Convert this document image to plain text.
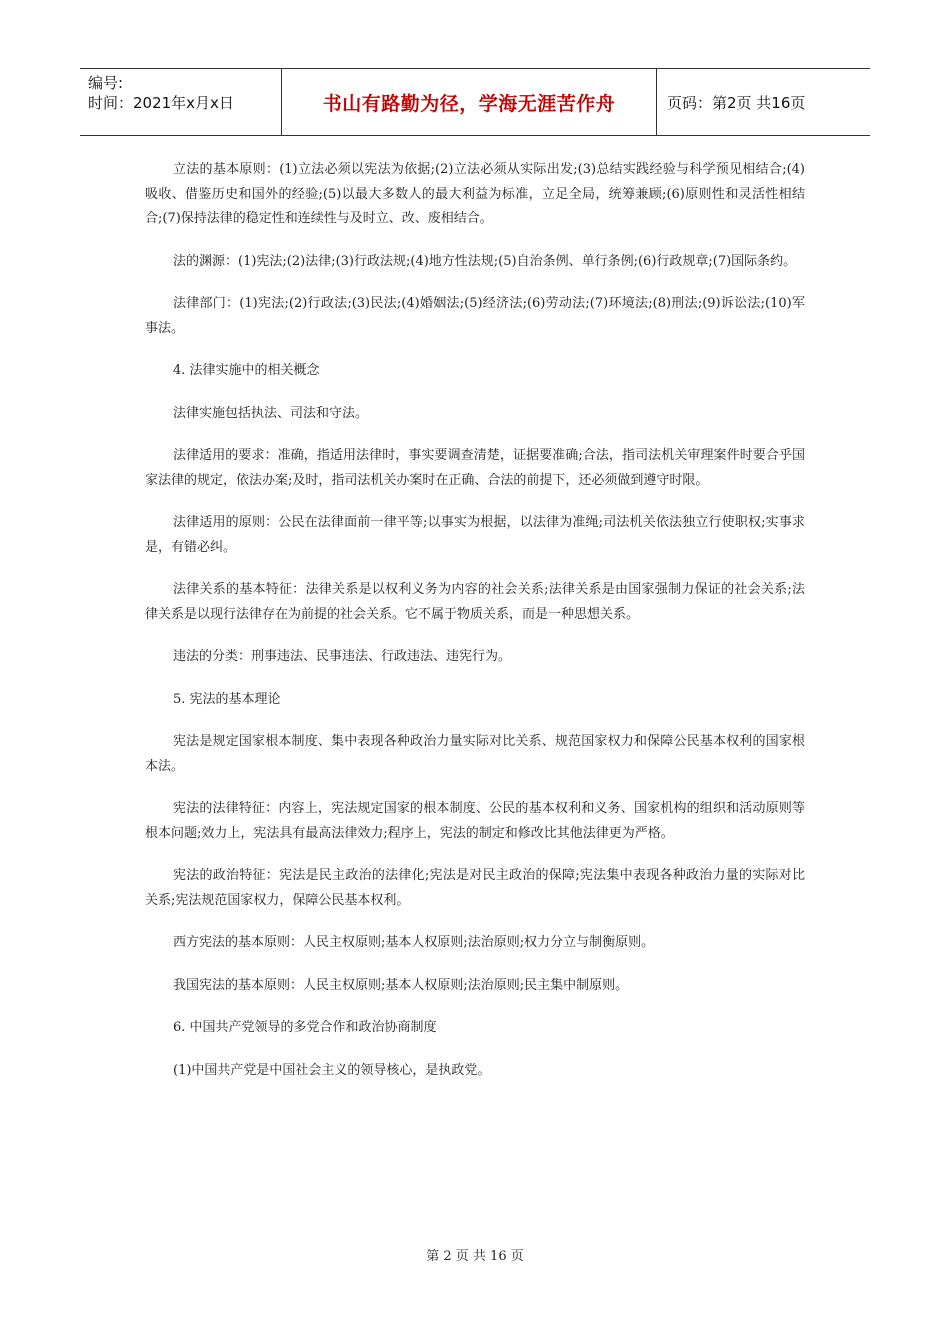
编号:
时间：2021年x月x日	书山有路勤为径，学海无涯苦作舟	页码：第2页 共16页

立法的基本原则：(1)立法必须以宪法为依据;(2)立法必须从实际出发;(3)总结实践经验与科学预见相结合;(4)吸收、借鉴历史和国外的经验;(5)以最大多数人的最大利益为标准，立足全局，统筹兼顾;(6)原则性和灵活性相结合;(7)保持法律的稳定性和连续性与及时立、改、废相结合。

法的渊源：(1)宪法;(2)法律;(3)行政法规;(4)地方性法规;(5)自治条例、单行条例;(6)行政规章;(7)国际条约。

法律部门：(1)宪法;(2)行政法;(3)民法;(4)婚姻法;(5)经济法;(6)劳动法;(7)环境法;(8)刑法;(9)诉讼法;(10)军事法。

4. 法律实施中的相关概念

法律实施包括执法、司法和守法。

法律适用的要求：准确，指适用法律时，事实要调查清楚，证据要准确;合法，指司法机关审理案件时要合乎国家法律的规定，依法办案;及时，指司法机关办案时在正确、合法的前提下，还必须做到遵守时限。

法律适用的原则：公民在法律面前一律平等;以事实为根据，以法律为准绳;司法机关依法独立行使职权;实事求是，有错必纠。

法律关系的基本特征：法律关系是以权利义务为内容的社会关系;法律关系是由国家强制力保证的社会关系;法律关系是以现行法律存在为前提的社会关系。它不属于物质关系，而是一种思想关系。

违法的分类：刑事违法、民事违法、行政违法、违宪行为。

5. 宪法的基本理论

宪法是规定国家根本制度、集中表现各种政治力量实际对比关系、规范国家权力和保障公民基本权利的国家根本法。

宪法的法律特征：内容上，宪法规定国家的根本制度、公民的基本权利和义务、国家机构的组织和活动原则等根本问题;效力上，宪法具有最高法律效力;程序上，宪法的制定和修改比其他法律更为严格。

宪法的政治特征：宪法是民主政治的法律化;宪法是对民主政治的保障;宪法集中表现各种政治力量的实际对比关系;宪法规范国家权力，保障公民基本权利。

西方宪法的基本原则：人民主权原则;基本人权原则;法治原则;权力分立与制衡原则。

我国宪法的基本原则：人民主权原则;基本人权原则;法治原则;民主集中制原则。

6. 中国共产党领导的多党合作和政治协商制度

(1)中国共产党是中国社会主义的领导核心，是执政党。

第 2 页 共 16 页
